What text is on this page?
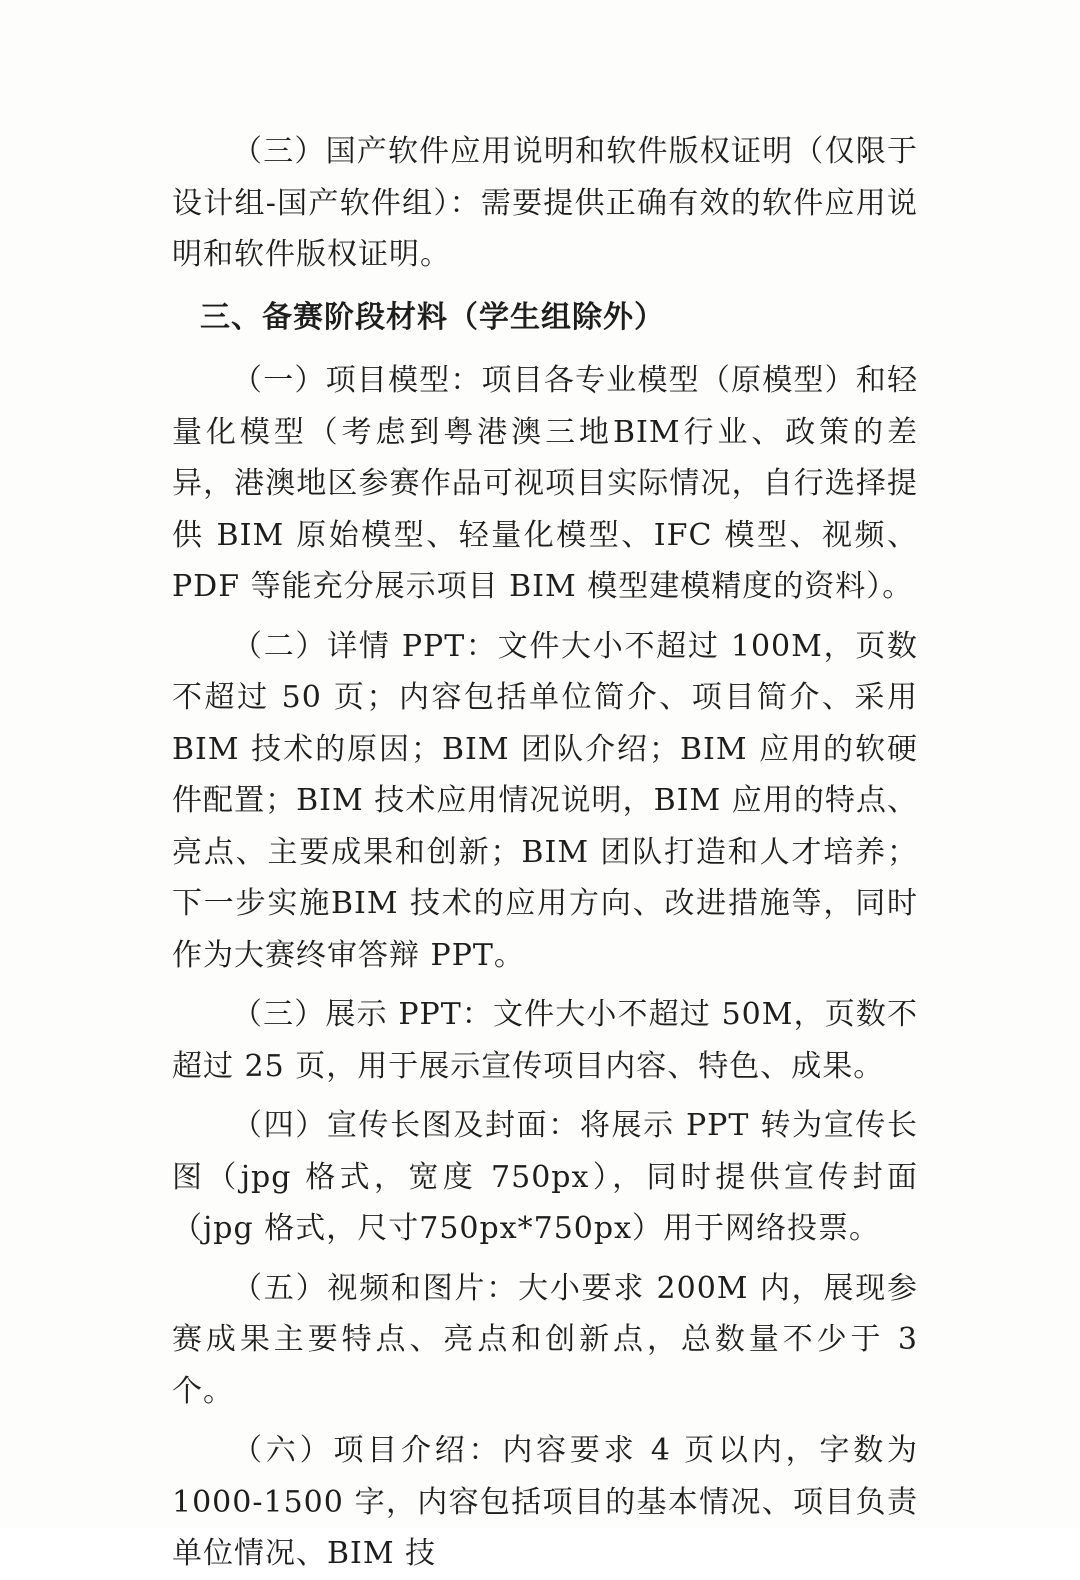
（三）国产软件应用说明和软件版权证明（仅限于设计组-国产软件组）：需要提供正确有效的软件应用说明和软件版权证明。

三、备赛阶段材料（学生组除外）

（一）项目模型：项目各专业模型（原模型）和轻量化模型（考虑到粤港澳三地BIM行业、政策的差异，港澳地区参赛作品可视项目实际情况，自行选择提供 BIM 原始模型、轻量化模型、IFC 模型、视频、PDF 等能充分展示项目 BIM 模型建模精度的资料）。

（二）详情 PPT：文件大小不超过 100M，页数不超过 50 页；内容包括单位简介、项目简介、采用 BIM 技术的原因；BIM 团队介绍；BIM 应用的软硬件配置；BIM 技术应用情况说明，BIM 应用的特点、亮点、主要成果和创新；BIM 团队打造和人才培养；下一步实施BIM 技术的应用方向、改进措施等，同时作为大赛终审答辩 PPT。

（三）展示 PPT：文件大小不超过 50M，页数不超过 25 页，用于展示宣传项目内容、特色、成果。

（四）宣传长图及封面：将展示 PPT 转为宣传长图（jpg 格式，宽度 750px），同时提供宣传封面（jpg 格式，尺寸750px*750px）用于网络投票。

（五）视频和图片：大小要求 200M 内，展现参赛成果主要特点、亮点和创新点，总数量不少于 3 个。

（六）项目介绍：内容要求 4 页以内，字数为 1000-1500 字，内容包括项目的基本情况、项目负责单位情况、BIM 技
